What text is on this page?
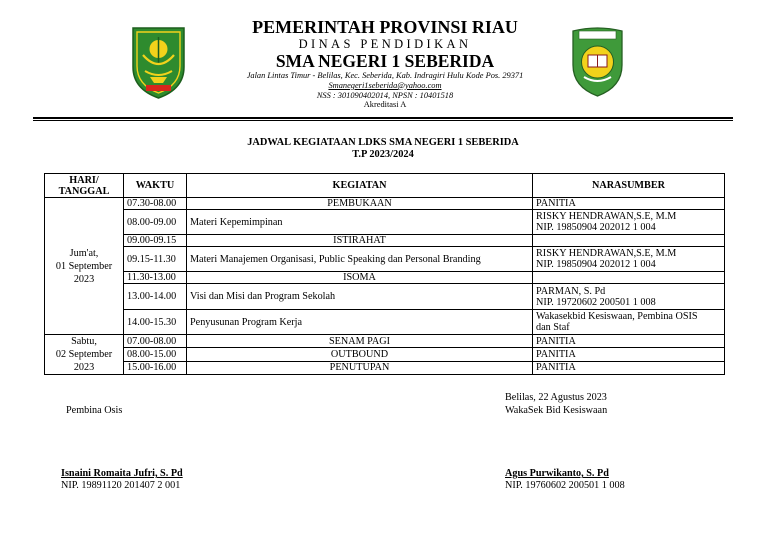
PEMERINTAH PROVINSI RIAU
DINAS PENDIDIKAN
SMA NEGERI 1 SEBERIDA
Jalan Lintas Timur - Belilas, Kec. Seberida, Kab. Indragiri Hulu Kode Pos. 29371
Smanegeri1seberida@yahoo.com
NSS : 301090402014, NPSN : 10401518
Akreditasi A
JADWAL KEGIATAAN LDKS SMA NEGERI 1 SEBERIDA
T.P 2023/2024
HARI/
TANGGAL	WAKTU	KEGIATAN	NARASUMBER

Jum'at,
01 September
2023	07.30-08.00	PEMBUKAAN	PANITIA

	08.00-09.00	Materi Kepemimpinan	RISKY HENDRAWAN,S.E, M.M
NIP. 19850904 202012 1 004

	09.00-09.15	ISTIRAHAT	
	09.15-11.30	Materi Manajemen Organisasi, Public Speaking dan Personal Branding	RISKY HENDRAWAN,S.E, M.M
NIP. 19850904 202012 1 004

	11.30-13.00	ISOMA	
	13.00-14.00	Visi dan Misi dan Program Sekolah	PARMAN, S. Pd
NIP. 19720602 200501 1 008

	14.00-15.30	Penyusunan Program Kerja	Wakasekbid Kesiswaan, Pembina OSIS
dan Staf

Sabtu,
02 September
2023	07.00-08.00	SENAM PAGI	PANITIA

	08.00-15.00	OUTBOUND	PANITIA

	15.00-16.00	PENUTUPAN	PANITIA
Belilas, 22 Agustus 2023
Pembina Osis	WakaSek Bid Kesiswaan
Isnaini Romaita Jufri, S. Pd
NIP. 19891120 201407 2 001
Agus Purwikanto, S. Pd
NIP. 19760602 200501 1 008
